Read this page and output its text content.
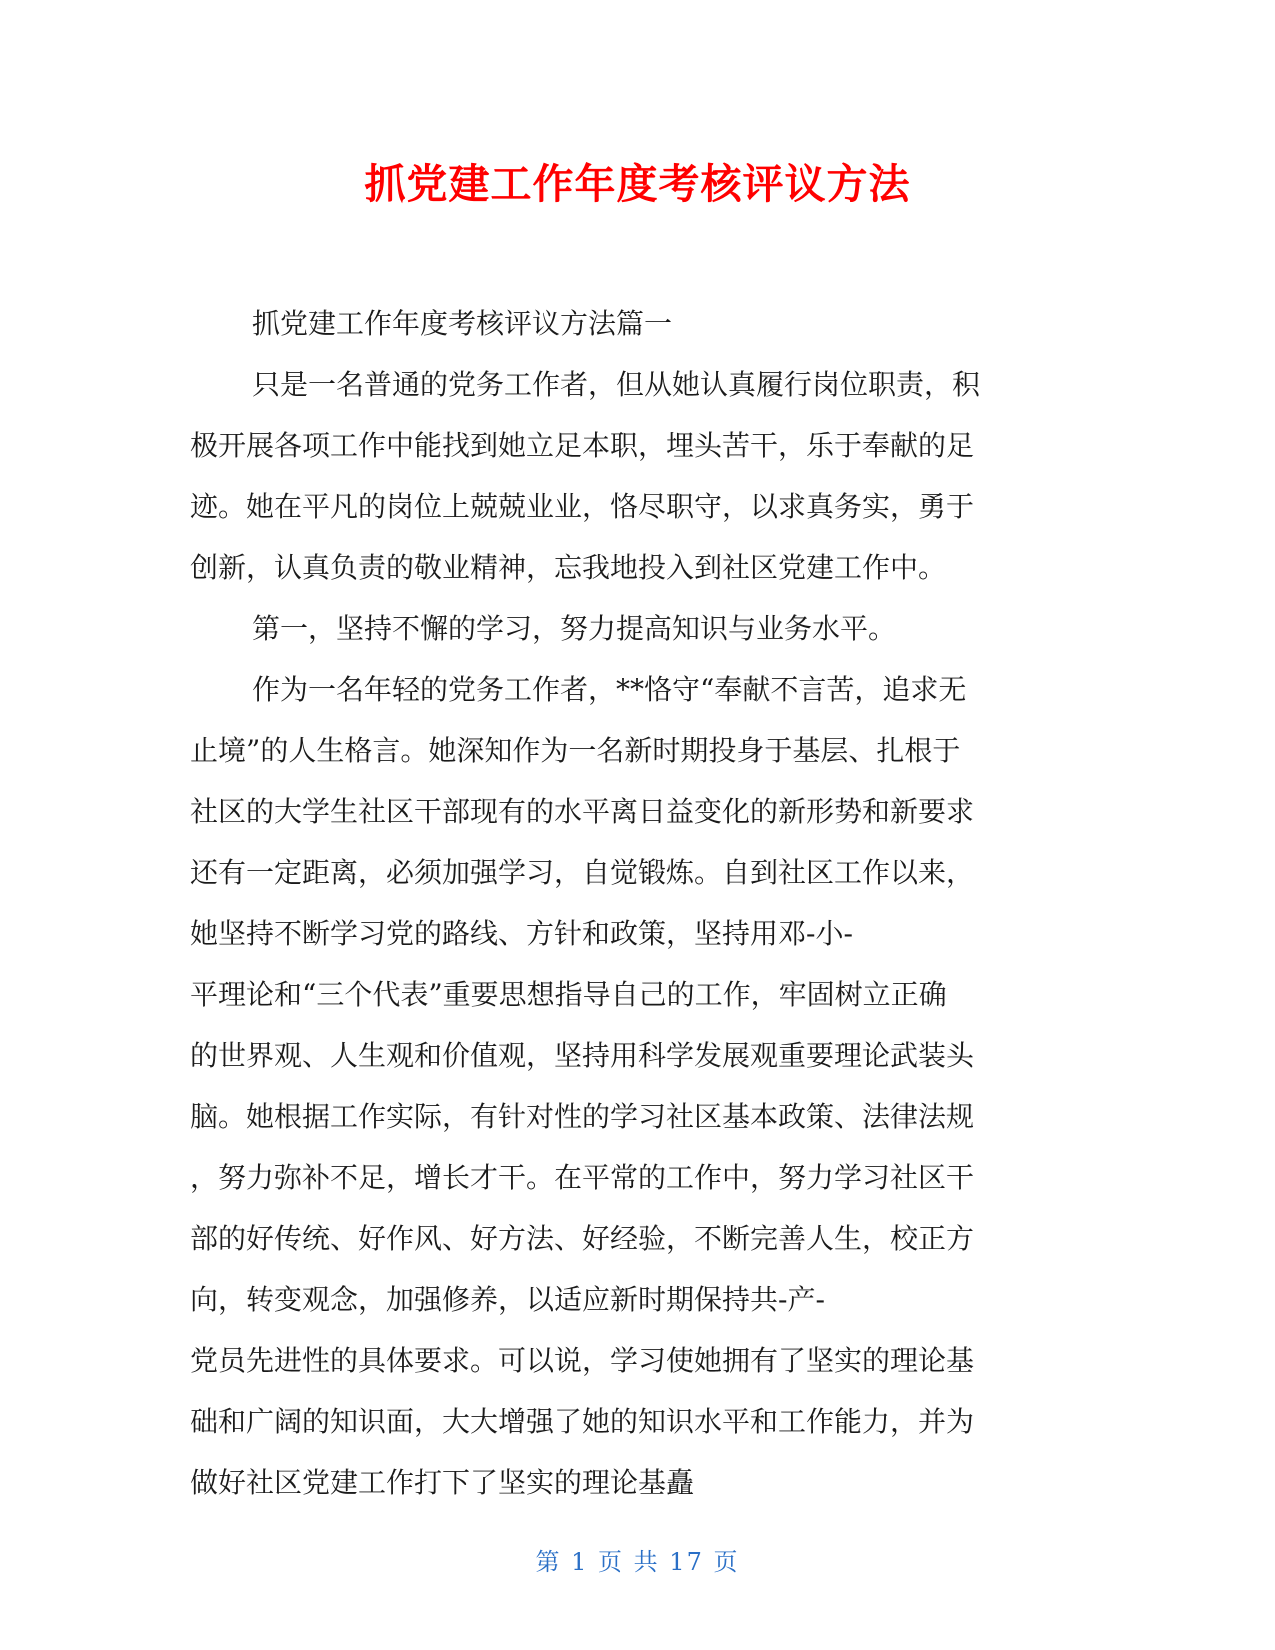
抓党建工作年度考核评议方法
抓党建工作年度考核评议方法篇一
只是一名普通的党务工作者，但从她认真履行岗位职责，积
极开展各项工作中能找到她立足本职，埋头苦干，乐于奉献的足
迹。她在平凡的岗位上兢兢业业，恪尽职守，以求真务实，勇于
创新，认真负责的敬业精神，忘我地投入到社区党建工作中。
第一，坚持不懈的学习，努力提高知识与业务水平。
作为一名年轻的党务工作者，**恪守“奉献不言苦，追求无
止境”的人生格言。她深知作为一名新时期投身于基层、扎根于
社区的大学生社区干部现有的水平离日益变化的新形势和新要求
还有一定距离，必须加强学习，自觉锻炼。自到社区工作以来，
她坚持不断学习党的路线、方针和政策，坚持用邓-小-
平理论和“三个代表”重要思想指导自己的工作，牢固树立正确
的世界观、人生观和价值观，坚持用科学发展观重要理论武装头
脑。她根据工作实际，有针对性的学习社区基本政策、法律法规
，努力弥补不足，增长才干。在平常的工作中，努力学习社区干
部的好传统、好作风、好方法、好经验，不断完善人生，校正方
向，转变观念，加强修养，以适应新时期保持共-产-
党员先进性的具体要求。可以说，学习使她拥有了坚实的理论基
础和广阔的知识面，大大增强了她的知识水平和工作能力，并为
做好社区党建工作打下了坚实的理论基矗
第 1 页 共 17 页
